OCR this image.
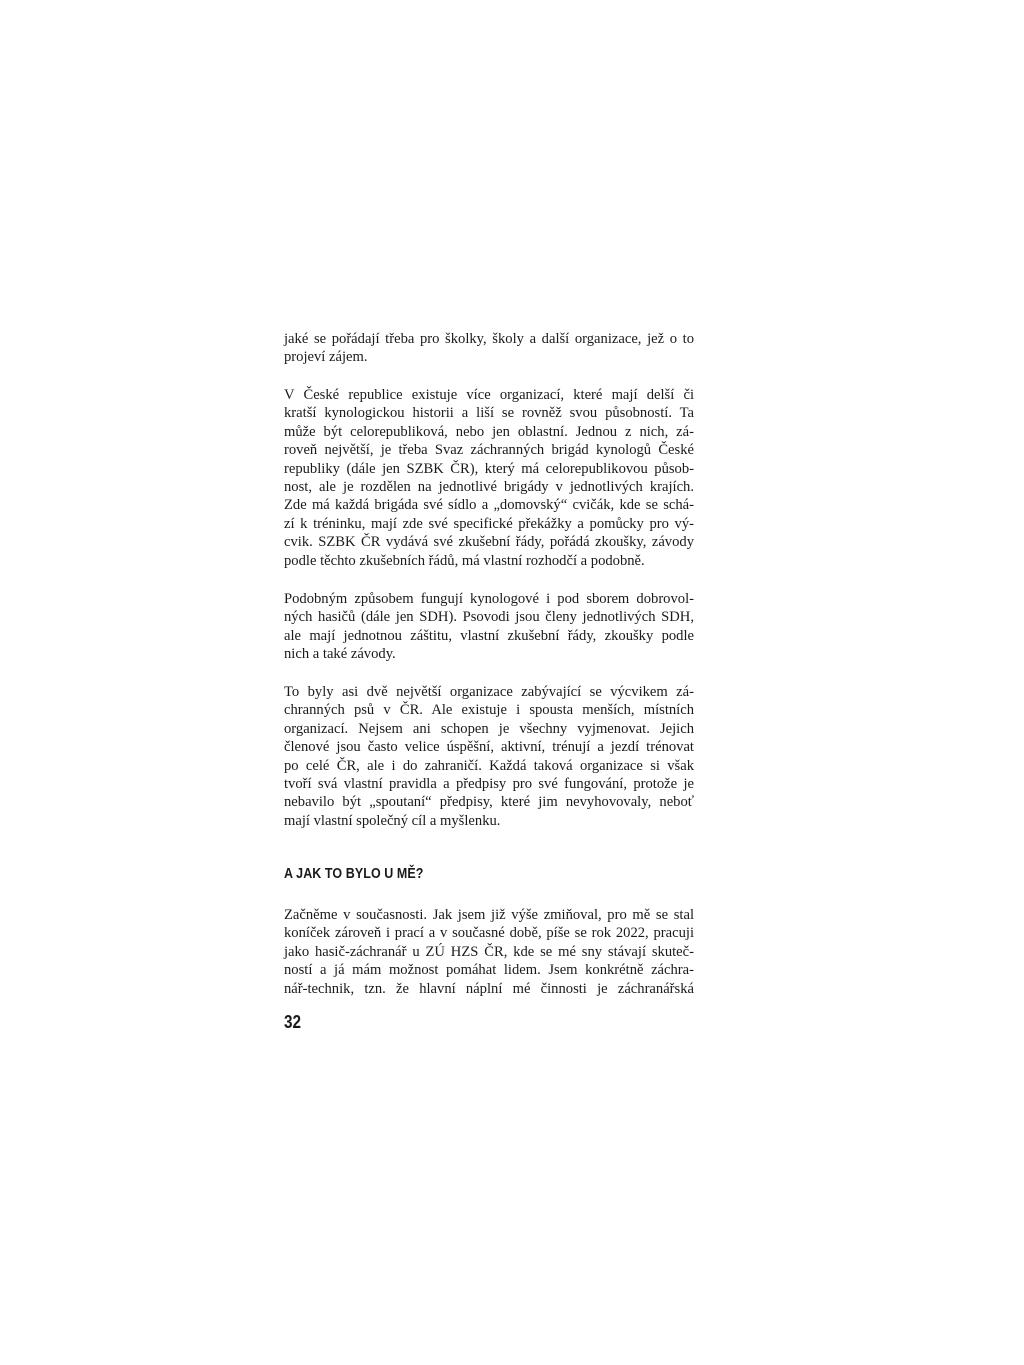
jaké se pořádají třeba pro školky, školy a další organizace, jež o to
projeví zájem.
V České republice existuje více organizací, které mají delší či
kratší kynologickou historii a liší se rovněž svou působností. Ta
může být celorepubliková, nebo jen oblastní. Jednou z nich, zá-
roveň největší, je třeba Svaz záchranných brigád kynologů České
republiky (dále jen SZBK ČR), který má celorepublikovou působ-
nost, ale je rozdělen na jednotlivé brigády v jednotlivých krajích.
Zde má každá brigáda své sídlo a „domovský“ cvičák, kde se schá-
zí k tréninku, mají zde své specifické překážky a pomůcky pro vý-
cvik. SZBK ČR vydává své zkušební řády, pořádá zkoušky, závody
podle těchto zkušebních řádů, má vlastní rozhodčí a podobně.
Podobným způsobem fungují kynologové i pod sborem dobrovol-
ných hasičů (dále jen SDH). Psovodi jsou členy jednotlivých SDH,
ale mají jednotnou záštitu, vlastní zkušební řády, zkoušky podle
nich a také závody.
To byly asi dvě největší organizace zabývající se výcvikem zá-
chranných psů v ČR. Ale existuje i spousta menších, místních
organizací. Nejsem ani schopen je všechny vyjmenovat. Jejich
členové jsou často velice úspěšní, aktivní, trénují a jezdí trénovat
po celé ČR, ale i do zahraničí. Každá taková organizace si však
tvoří svá vlastní pravidla a předpisy pro své fungování, protože je
nebavilo být „spoutaní“ předpisy, které jim nevyhovovaly, neboť
mají vlastní společný cíl a myšlenku.
A JAK TO BYLO U MĚ?
Začněme v současnosti. Jak jsem již výše zmiňoval, pro mě se stal
koníček zároveň i prací a v současné době, píše se rok 2022, pracuji
jako hasič-záchranář u ZÚ HZS ČR, kde se mé sny stávají skuteč-
ností a já mám možnost pomáhat lidem. Jsem konkrétně záchra-
nář-technik, tzn. že hlavní náplní mé činnosti je záchranářská
32
